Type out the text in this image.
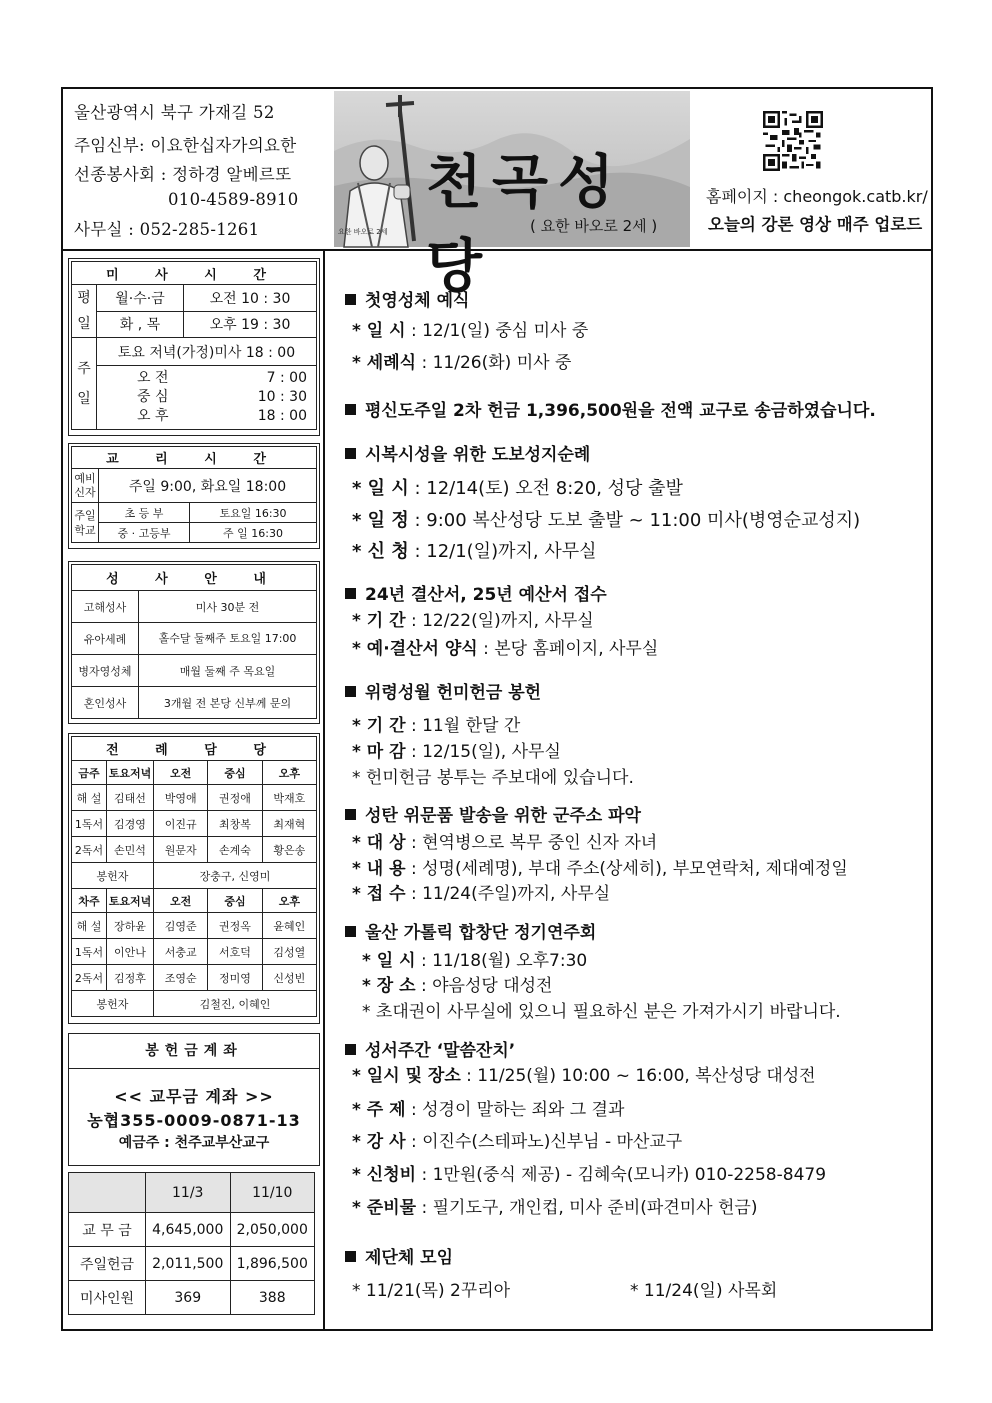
울산광역시 북구 가재길 52
주임신부: 이요한십자가의요한
선종봉사회 : 정하경 알베르또
010-4589-8910
사무실 : 052-285-1261
천곡성당
( 요한 바오로 2세 )
요한 바오로 2세
홈페이지 : cheongok.catb.kr/
오늘의 강론 영상 매주 업로드
미 사 시 간		
평일	월·수·금	오전 10 : 30
	화 , 목	오후 19 : 30
주일	토요 저녁(가정)미사 18 : 00	

	오 전 7 : 00
중 심 10 : 30
오 후 18 : 00	
교 리 시 간		
예비신자	주일 9:00, 화요일 18:00	
주일학교	초 등 부	토요일 16:30
	중 · 고등부	주 일 16:30
성 사 안 내	
고해성사	미사 30분 전
유아세례	홀수달 둘째주 토요일 17:00
병자영성체	매월 둘째 주 목요일
혼인성사	3개월 전 본당 신부께 문의
전 례 담 당				
금주	토요저녁	오전	중심	오후
해 설	김태선	박영애	권정애	박재호
1독서	김경영	이진규	최창복	최재혁
2독서	손민석	원문자	손계숙	황은송
봉헌자		장충구, 신영미		
차주	토요저녁	오전	중심	오후
해 설	장하윤	김영준	권정옥	윤혜인
1독서	이안나	서충교	서호덕	김성열
2독서	김정후	조영순	정미영	신성빈
봉헌자		김철진, 이혜인		
봉헌금계좌
<< 교무금 계좌 >>
농협355-0009-0871-13
예금주 : 천주교부산교구
	11/3	11/10
교 무 금	4,645,000	2,050,000
주일헌금	2,011,500	1,896,500
미사인원	369	388
첫영성체 예식
* 일 시 : 12/1(일) 중심 미사 중
* 세례식 : 11/26(화) 미사 중
평신도주일 2차 헌금 1,396,500원을 전액 교구로 송금하였습니다.
시복시성을 위한 도보성지순례
* 일 시 : 12/14(토) 오전 8:20, 성당 출발
* 일 정 : 9:00 복산성당 도보 출발 ~ 11:00 미사(병영순교성지)
* 신 청 : 12/1(일)까지, 사무실
24년 결산서, 25년 예산서 접수
* 기 간 : 12/22(일)까지, 사무실
* 예·결산서 양식 : 본당 홈페이지, 사무실
위령성월 헌미헌금 봉헌
* 기 간 : 11월 한달 간
* 마 감 : 12/15(일), 사무실
* 헌미헌금 봉투는 주보대에 있습니다.
성탄 위문품 발송을 위한 군주소 파악
* 대 상 : 현역병으로 복무 중인 신자 자녀
* 내 용 : 성명(세례명), 부대 주소(상세히), 부모연락처, 제대예정일
* 접 수 : 11/24(주일)까지, 사무실
울산 가톨릭 합창단 정기연주회
* 일 시 : 11/18(월) 오후7:30
* 장 소 : 야음성당 대성전
* 초대권이 사무실에 있으니 필요하신 분은 가져가시기 바랍니다.
성서주간 ‘말씀잔치’
* 일시 및 장소 : 11/25(월) 10:00 ~ 16:00, 복산성당 대성전
* 주 제 : 성경이 말하는 죄와 그 결과
* 강 사 : 이진수(스테파노)신부님 - 마산교구
* 신청비 : 1만원(중식 제공) - 김혜숙(모니카) 010-2258-8479
* 준비물 : 필기도구, 개인컵, 미사 준비(파견미사 헌금)
제단체 모임
* 11/21(목) 2꾸리아	* 11/24(일) 사목회
